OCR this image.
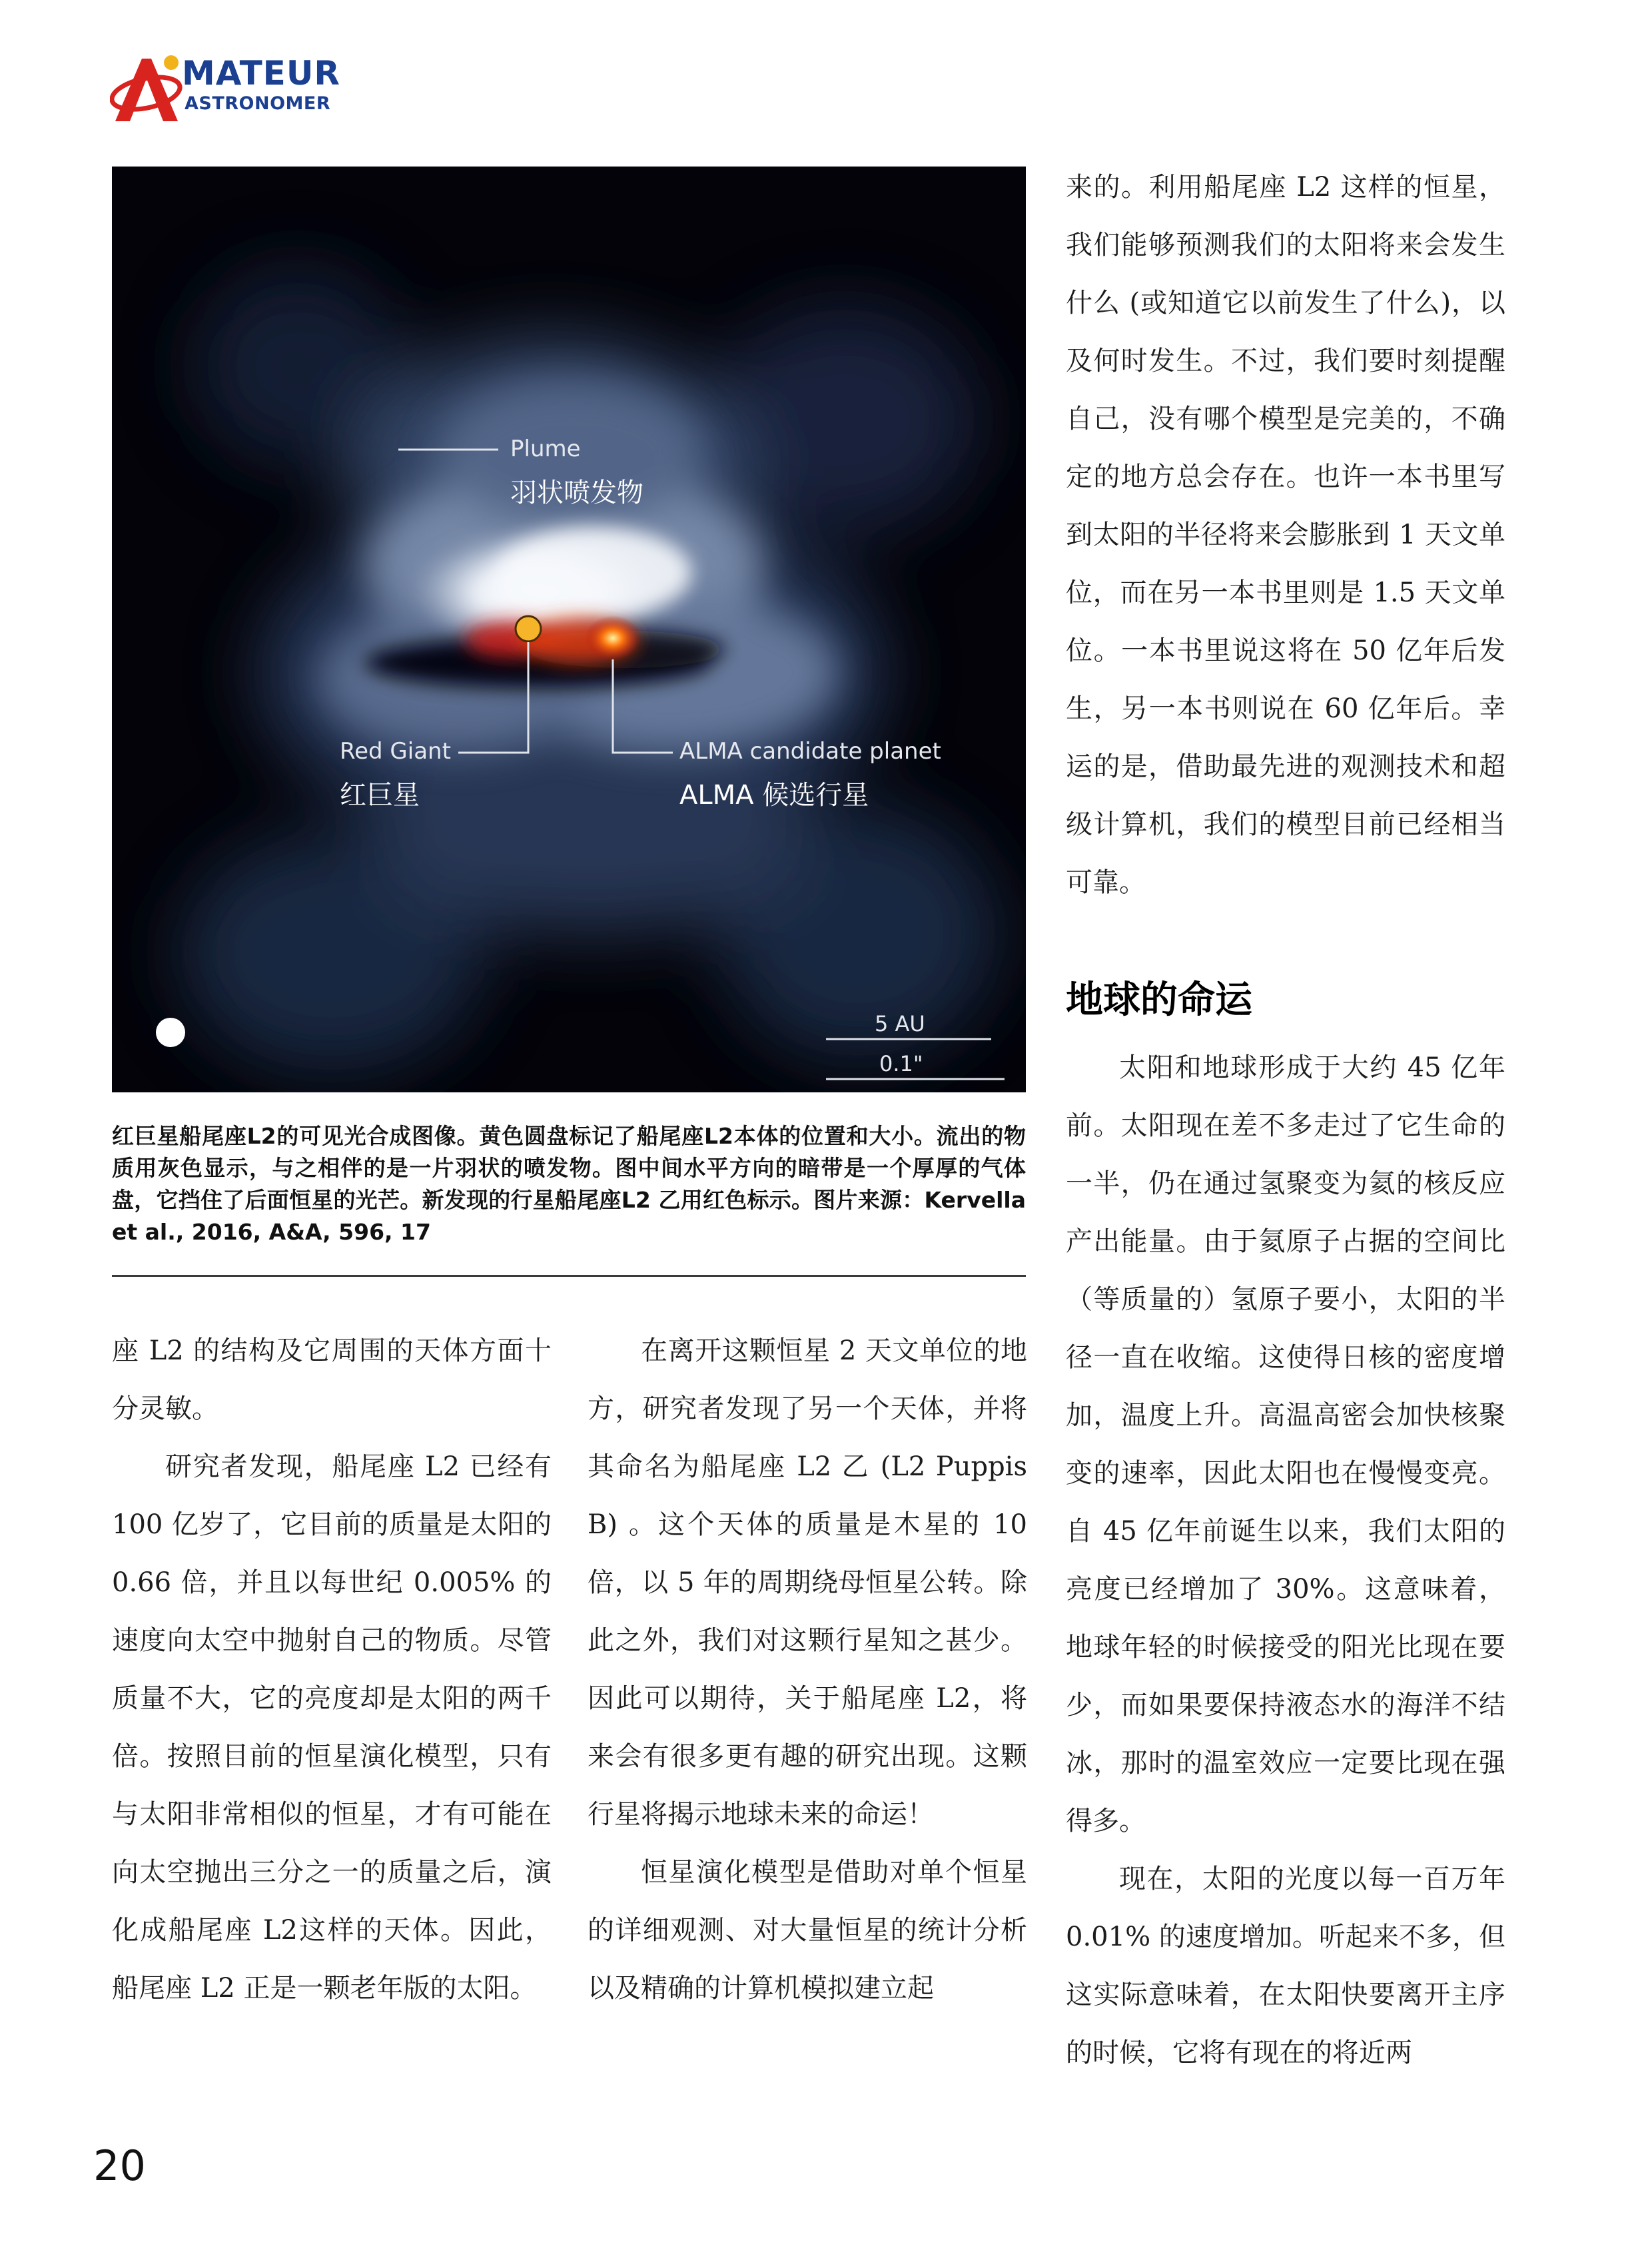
MATEUR
ASTRONOMER
Plume
羽状喷发物
Red Giant
红巨星
ALMA candidate planet
ALMA 候选行星
5 AU
0.1"

红巨星船尾座L2的可见光合成图像。黄色圆盘标记了船尾座L2本体的位置和大小。流出的物质用灰色显示，与之相伴的是一片羽状的喷发物。图中间水平方向的暗带是一个厚厚的气体盘，它挡住了后面恒星的光芒。新发现的行星船尾座L2 乙用红色标示。图片来源：Kervella et al., 2016, A&A, 596, 17

座 L2 的结构及它周围的天体方面十分灵敏。

研究者发现，船尾座 L2 已经有 100 亿岁了，它目前的质量是太阳的 0.66 倍，并且以每世纪 0.005% 的速度向太空中抛射自己的物质。尽管质量不大，它的亮度却是太阳的两千倍。按照目前的恒星演化模型，只有与太阳非常相似的恒星，才有可能在向太空抛出三分之一的质量之后，演化成船尾座 L2这样的天体。因此，船尾座 L2 正是一颗老年版的太阳。

在离开这颗恒星 2 天文单位的地方，研究者发现了另一个天体，并将其命名为船尾座 L2 乙 (L2 Puppis B) 。这个天体的质量是木星的 10 倍，以 5 年的周期绕母恒星公转。除此之外，我们对这颗行星知之甚少。因此可以期待，关于船尾座 L2，将来会有很多更有趣的研究出现。这颗行星将揭示地球未来的命运！

恒星演化模型是借助对单个恒星的详细观测、对大量恒星的统计分析以及精确的计算机模拟建立起

来的。利用船尾座 L2 这样的恒星，我们能够预测我们的太阳将来会发生什么 (或知道它以前发生了什么)，以及何时发生。不过，我们要时刻提醒自己，没有哪个模型是完美的，不确定的地方总会存在。也许一本书里写到太阳的半径将来会膨胀到 1 天文单位，而在另一本书里则是 1.5 天文单位。一本书里说这将在 50 亿年后发生，另一本书则说在 60 亿年后。幸运的是，借助最先进的观测技术和超级计算机，我们的模型目前已经相当可靠。

地球的命运

太阳和地球形成于大约 45 亿年前。太阳现在差不多走过了它生命的一半，仍在通过氢聚变为氦的核反应产出能量。由于氦原子占据的空间比（等质量的）氢原子要小，太阳的半径一直在收缩。这使得日核的密度增加，温度上升。高温高密会加快核聚变的速率，因此太阳也在慢慢变亮。自 45 亿年前诞生以来，我们太阳的亮度已经增加了 30%。这意味着，地球年轻的时候接受的阳光比现在要少，而如果要保持液态水的海洋不结冰，那时的温室效应一定要比现在强得多。

现在，太阳的光度以每一百万年 0.01% 的速度增加。听起来不多，但这实际意味着，在太阳快要离开主序的时候，它将有现在的将近两

20
